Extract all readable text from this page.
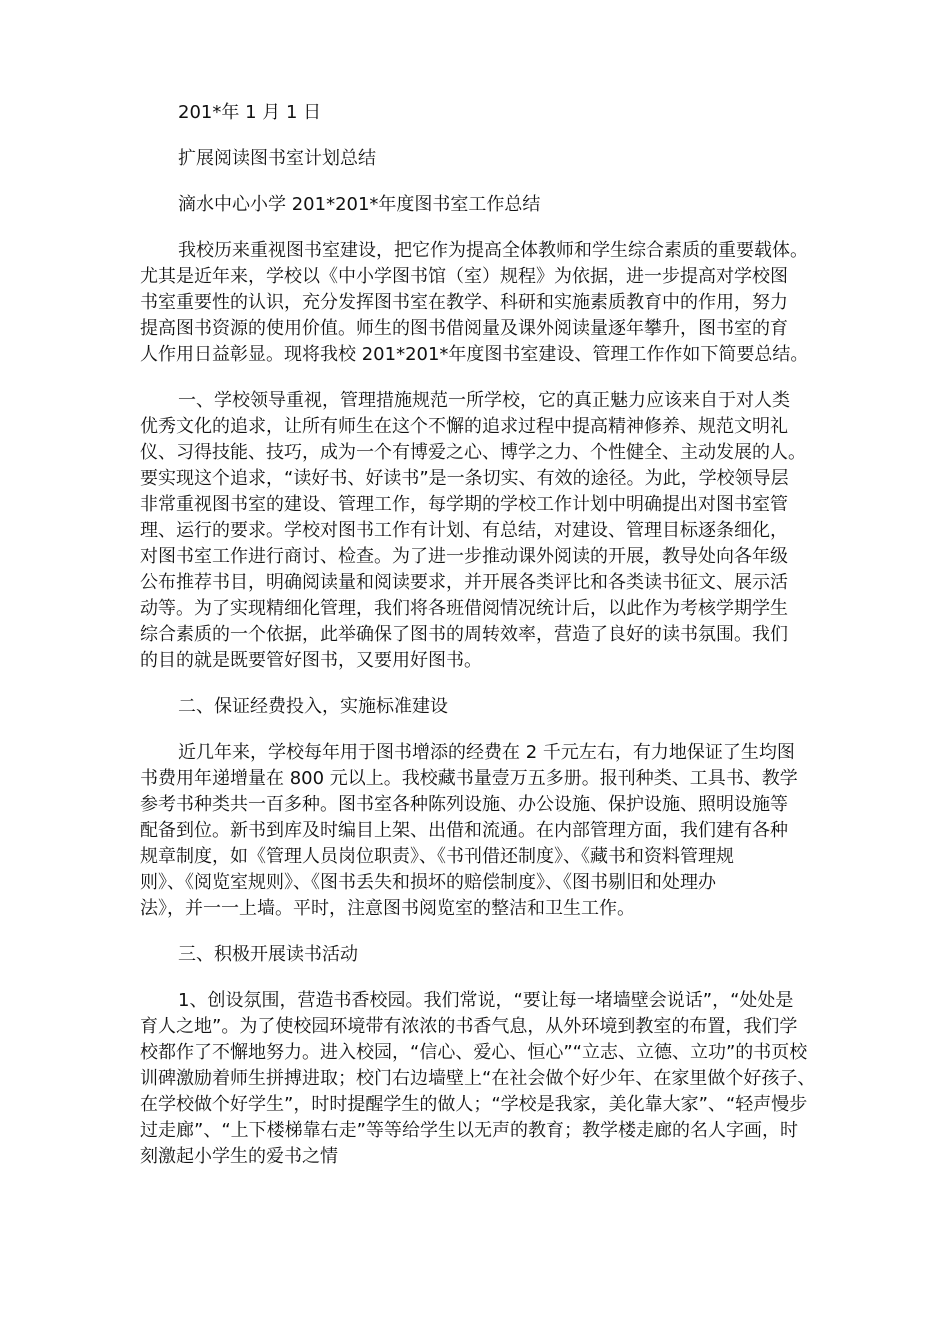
201*年 1 月 1 日

扩展阅读图书室计划总结

滴水中心小学 201*201*年度图书室工作总结

我校历来重视图书室建设，把它作为提高全体教师和学生综合素质的重要载体。
尤其是近年来，学校以《中小学图书馆（室）规程》为依据，进一步提高对学校图
书室重要性的认识，充分发挥图书室在教学、科研和实施素质教育中的作用，努力
提高图书资源的使用价值。师生的图书借阅量及课外阅读量逐年攀升，图书室的育
人作用日益彰显。现将我校 201*201*年度图书室建设、管理工作作如下简要总结。
一、学校领导重视，管理措施规范一所学校，它的真正魅力应该来自于对人类
优秀文化的追求，让所有师生在这个不懈的追求过程中提高精神修养、规范文明礼
仪、习得技能、技巧，成为一个有博爱之心、博学之力、个性健全、主动发展的人。
要实现这个追求，“读好书、好读书”是一条切实、有效的途径。为此，学校领导层
非常重视图书室的建设、管理工作，每学期的学校工作计划中明确提出对图书室管
理、运行的要求。学校对图书工作有计划、有总结，对建设、管理目标逐条细化，
对图书室工作进行商讨、检查。为了进一步推动课外阅读的开展，教导处向各年级
公布推荐书目，明确阅读量和阅读要求，并开展各类评比和各类读书征文、展示活
动等。为了实现精细化管理，我们将各班借阅情况统计后，以此作为考核学期学生
综合素质的一个依据，此举确保了图书的周转效率，营造了良好的读书氛围。我们
的目的就是既要管好图书，又要用好图书。
二、保证经费投入，实施标准建设
近几年来，学校每年用于图书增添的经费在 2 千元左右，有力地保证了生均图
书费用年递增量在 800 元以上。我校藏书量壹万五多册。报刊种类、工具书、教学
参考书种类共一百多种。图书室各种陈列设施、办公设施、保护设施、照明设施等
配备到位。新书到库及时编目上架、出借和流通。在内部管理方面，我们建有各种
规章制度，如《管理人员岗位职责》、《书刊借还制度》、《藏书和资料管理规
则》、《阅览室规则》、《图书丢失和损坏的赔偿制度》、《图书剔旧和处理办
法》，并一一上墙。平时，注意图书阅览室的整洁和卫生工作。
三、积极开展读书活动
1、创设氛围，营造书香校园。我们常说，“要让每一堵墙壁会说话”，“处处是
育人之地”。为了使校园环境带有浓浓的书香气息，从外环境到教室的布置，我们学
校都作了不懈地努力。进入校园，“信心、爱心、恒心”“立志、立德、立功”的书页校
训碑激励着师生拼搏进取；校门右边墙壁上“在社会做个好少年、在家里做个好孩子、
在学校做个好学生”，时时提醒学生的做人；“学校是我家，美化靠大家”、“轻声慢步
过走廊”、“上下楼梯靠右走”等等给学生以无声的教育；教学楼走廊的名人字画，时
刻激起小学生的爱书之情
